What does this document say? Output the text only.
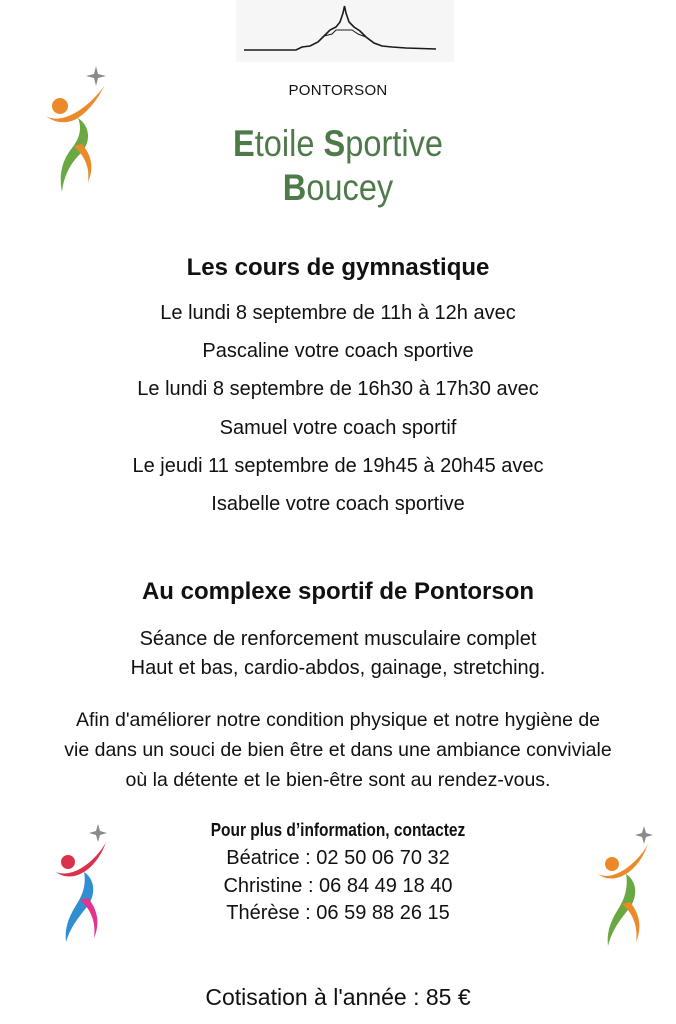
PONTORSON
Etoile Sportive
Boucey
Les cours de gymnastique
Le lundi 8 septembre de 11h à 12h avec
Pascaline votre coach sportive
Le lundi 8 septembre de 16h30 à 17h30 avec
Samuel votre coach sportif
Le jeudi 11 septembre de 19h45 à 20h45 avec
Isabelle votre coach sportive
Au complexe sportif de Pontorson
Séance de renforcement musculaire complet
Haut et bas, cardio-abdos, gainage, stretching.
Afin d'améliorer notre condition physique et notre hygiène de
vie dans un souci de bien être et dans une ambiance conviviale
où la détente et le bien-être sont au rendez-vous.
Pour plus d’information, contactez
Béatrice : 02 50 06 70 32
Christine : 06 84 49 18 40
Thérèse : 06 59 88 26 15
Cotisation à l'année : 85 €
